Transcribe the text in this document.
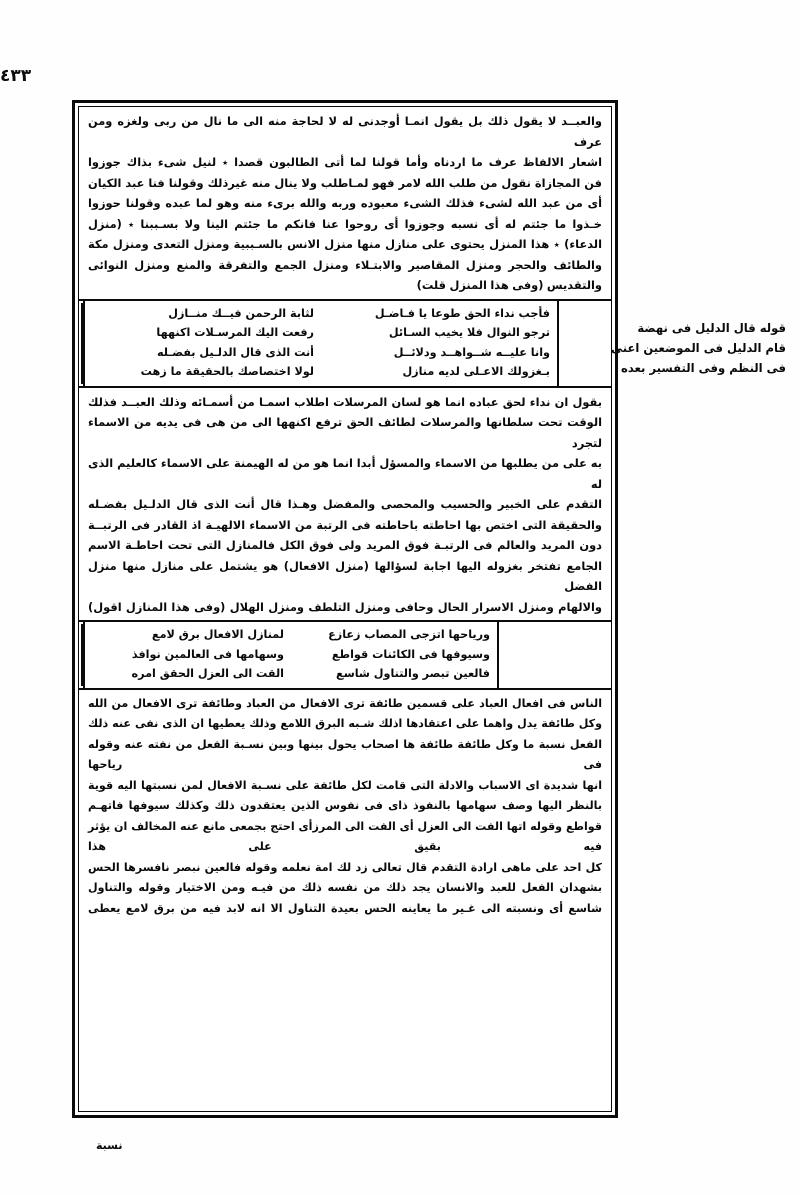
٤٣٣

والعبــد لا يقول ذلك بل يقول انمـا أوجدنى له لا لحاجة منه الى ما نال من ربى ولغزه ومن عرف

اشعار الالفاظ عرف ما اردناه وأما قولنا لما أتى الطالبون قصدا ٭ لنيل شىء بذاك جوزوا

فن المجازاة نقول من طلب الله لامر فهو لمـاطلب ولا ينال منه غيرذلك وقولنا فنا عبد الكيان

أى من عبد الله لشىء فذلك الشىء معبوده وربه والله برىء منه وهو لما عبده وقولنا حوزوا

خـذوا ما جئتم له أى نسبه وجوزوا أى روحوا عنا فانكم ما جئتم الينا ولا بسـببنا ٭ (منزل

الدعاء) ٭ هذا المنزل يحتوى على منازل منها منزل الانس بالسـببية ومنزل التعدى ومنزل مكة

والطائف والحجر ومنزل المقاصير والابتـلاء ومنزل الجمع والتفرقة والمنع ومنزل النوائى

والتقديس (وفى هذا المنزل قلت)

لثابة الرحمن فيــك منــازل
رفعت اليك المرسـلات اكنهها
أنت الذى قال الدلـيل بفضـله
لولا اختصاصك بالحقيقة ما زهت
فأجب نداء الحق طوعا يا فـاضـل
ترجو النوال فلا يخيب السـائل
وانا عليــه شــواهــد ودلائــل
بـغزولك الاعـلى لديه منازل

بقول ان نداء لحق عباده انما هو لسان المرسلات اطلاب اسمـا من أسمـائه وذلك العبــد فذلك

الوقت تحت سلطانها والمرسلات لطائف الحق ترفع اكنهها الى من هى فى يديه من الاسماء لتجرد

به على من يطلبها من الاسماء والمسؤل أبدا انما هو من له الهيمنة على الاسماء كالعليم الذى له

التقدم على الخبير والحسيب والمحصى والمفضل وهـذا قال أنت الذى قال الدلـيل بفضـله

والحقيقة التى اختص بها احاطته باحاطته فى الرتبة من الاسماء الالهيـة اذ القادر فى الرتبــة

دون المريد والعالم فى الرتبـة فوق المريد ولى فوق الكل فالمنازل التى تحت احاطـة الاسم

الجامع تفتخر بغزوله اليها اجابة لسؤالها (منزل الافعال) هو يشتمل على منازل منها منزل الفضل

والالهام ومنزل الاسرار الحال وحافى ومنزل التلطف ومنزل الهلال (وفى هذا المنازل اقول)

لمنازل الافعال برق لامع
وسهامها فى العالمين نوافذ
القت الى العزل الحقق امره
ورياحها اتزجى المصاب زعازع
وسيوفها فى الكائنات قواطع
فالعين تبصر والتناول شاسع

الناس فى افعال العباد على قسمين طائفة ترى الافعال من العباد وطائفة ترى الافعال من الله

وكل طائفة يدل واهما على اعتقادها اذلك شـبه البرق اللامع وذلك يعطيها ان الذى نفى عنه ذلك

الفعل نسبة ما وكل طائفة طائفة ها اصحاب يحول بينها وبين نسـبة الفعل من نفته عنه وقوله فى رياحها

انها شديدة اى الاسباب والادلة التى قامت لكل طائفة على نسـبة الافعال لمن نسبتها اليه قوية

بالنظر اليها وصف سهامها بالنفوذ ذاى فى نفوس الذين يعتقدون ذلك وكذلك سيوفها فاتهـم

قواطع وقوله اتها الفت الى العزل أى الفت الى المرزأى احتج بجمعى مانع عنه المخالف ان يؤثر فيه بقيق على هذا

كل احد على ماهى ارادة التقدم قال تعالى زد لك امة نعلمه وقوله فالعين نبصر نافسرها الحس

بشهدان الفعل للعبد والانسان يجد ذلك من نفسه ذلك من فيـه ومن الاختيار وقوله والتناول

شاسع أى ونسبته الى غـير ما يعاينه الحس بعيدة التناول الا انه لابد فيه من برق لامع يعطى

قوله قال الدليل فى نهضة
قام الدليل فى الموضعين اعنى
فى النظم وفى التفسير بعده
نسبة
